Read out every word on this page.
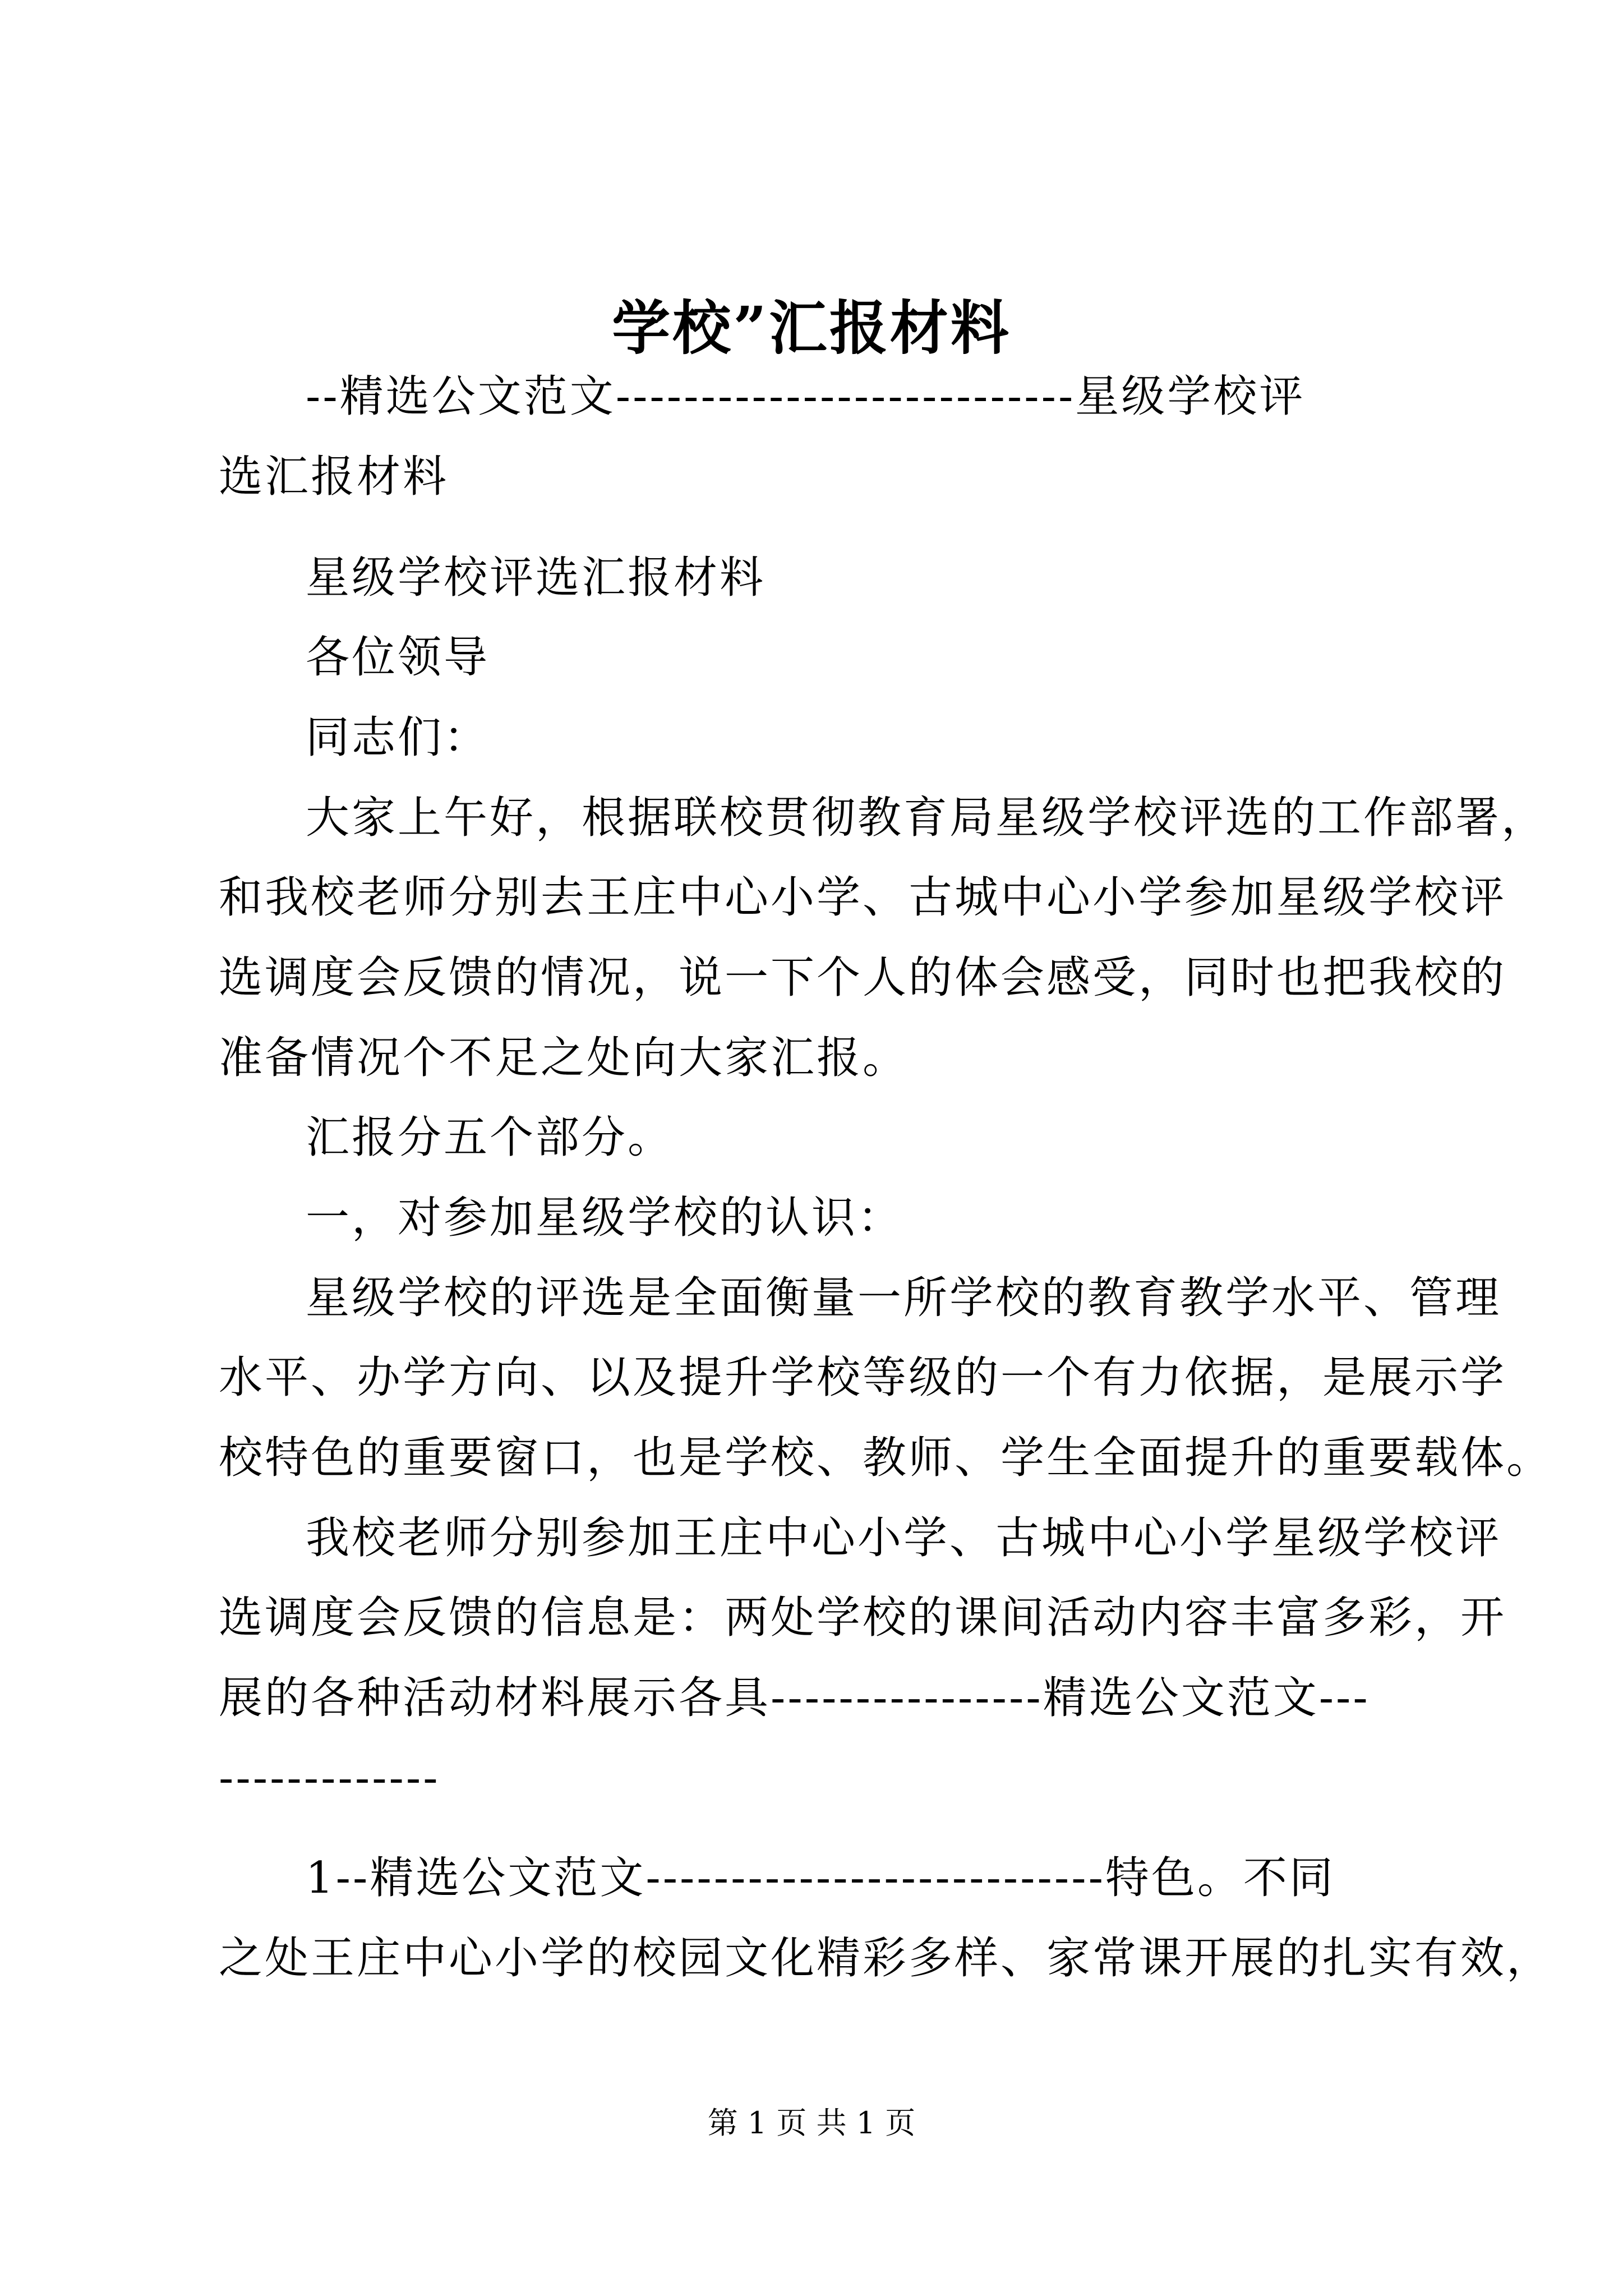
学校”汇报材料
--精选公文范文---------------------------星级学校评
选汇报材料
星级学校评选汇报材料
各位领导
同志们：
大家上午好，根据联校贯彻教育局星级学校评选的工作部署，
和我校老师分别去王庄中心小学、古城中心小学参加星级学校评
选调度会反馈的情况，说一下个人的体会感受，同时也把我校的
准备情况个不足之处向大家汇报。
汇报分五个部分。
一，对参加星级学校的认识：
星级学校的评选是全面衡量一所学校的教育教学水平、管理
水平、办学方向、以及提升学校等级的一个有力依据，是展示学
校特色的重要窗口，也是学校、教师、学生全面提升的重要载体。
我校老师分别参加王庄中心小学、古城中心小学星级学校评
选调度会反馈的信息是：两处学校的课间活动内容丰富多彩，开
展的各种活动材料展示各具----------------精选公文范文---
-------------
1--精选公文范文---------------------------特色。不同
之处王庄中心小学的校园文化精彩多样、家常课开展的扎实有效，
第 1 页 共 1 页
